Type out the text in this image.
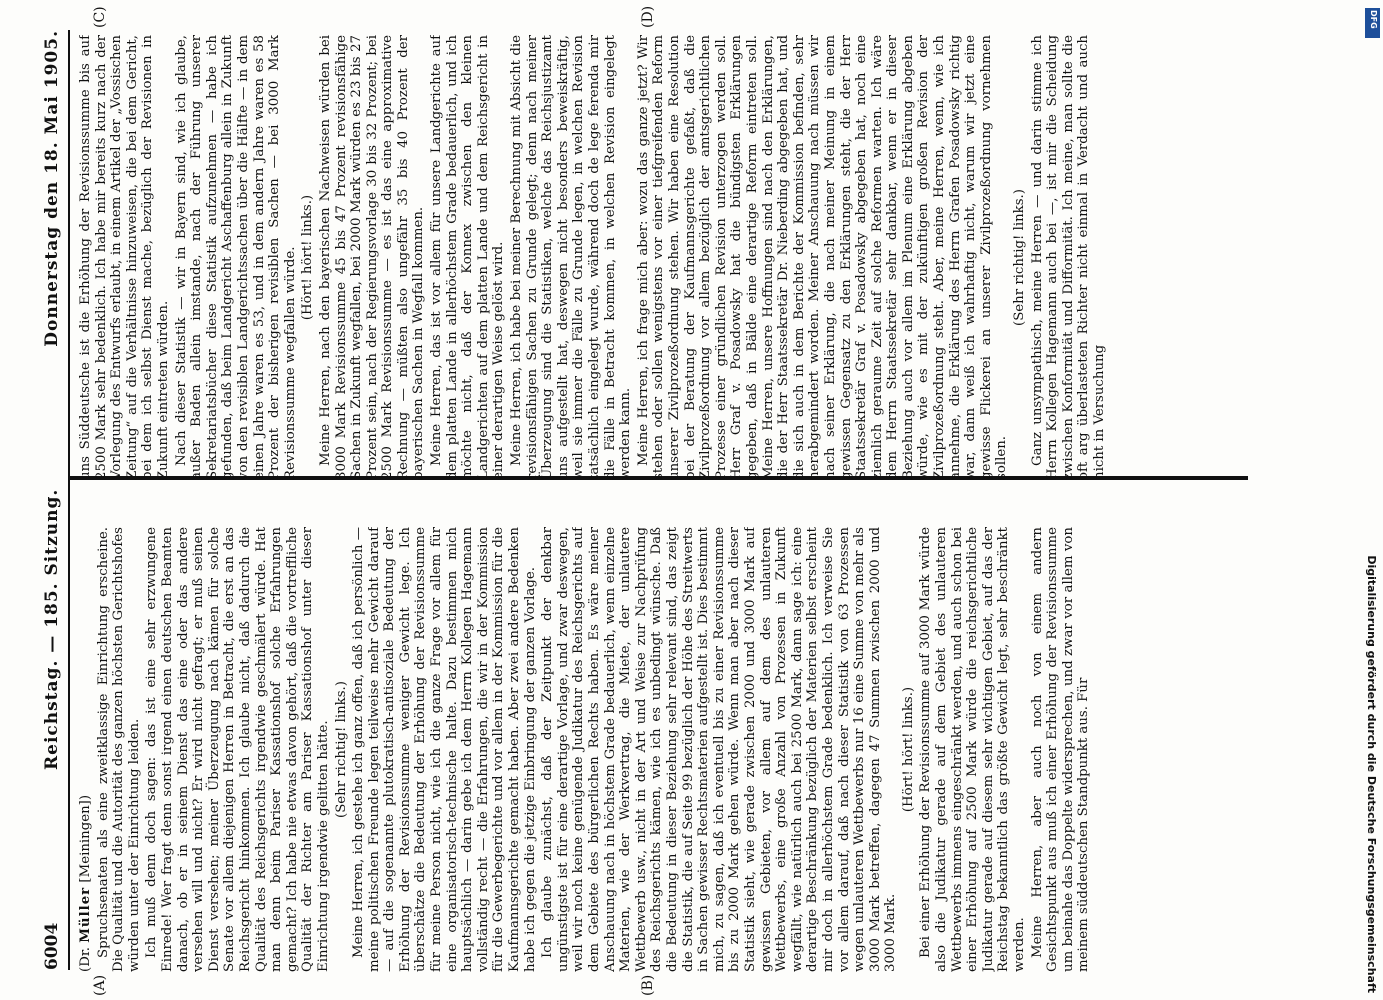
6004
Reichstag. — 185. Sitzung.
Donnerstag den 18. Mai 1905.
(A)	(B)
(C)	(D)

(Dr. Müller [Meiningen]) Spruchsenaten als eine zweitklassige Einrichtung erscheine. Die Qualität und die Autorität des ganzen höchsten Gerichtshofes würden unter der Einrichtung leiden. Ich muß denn doch sagen: das ist eine sehr erzwungene Einrede! Wer fragt denn sonst irgend einen deutschen Beamten danach, ob er in seinem Dienst das eine oder das andere versehen will und nicht? Er wird nicht gefragt; er muß seinen Dienst versehen; meiner Überzeugung nach kämen für solche Senate vor allem diejenigen Herren in Betracht, die erst an das Reichsgericht hinkommen. Ich glaube nicht, daß dadurch die Qualität des Reichsgerichts irgendwie geschmälert würde. Hat man denn beim Pariser Kassationshof solche Erfahrungen gemacht? Ich habe nie etwas davon gehört, daß die vortreffliche Qualität der Richter am Pariser Kassationshof unter dieser Einrichtung irgendwie gelitten hätte. (Sehr richtig! links.) Meine Herren, ich gestehe ich ganz offen, daß ich persönlich — meine politischen Freunde legen teilweise mehr Gewicht darauf — auf die sogenannte plutokratisch-antisoziale Bedeutung der Erhöhung der Revisionssumme weniger Gewicht lege. Ich überschätze die Bedeutung der Erhöhung der Revisionssumme für meine Person nicht, wie ich die ganze Frage vor allem für eine organisatorisch-technische halte. Dazu bestimmen mich hauptsächlich — darin gebe ich dem Herrn Kollegen Hagemann vollständig recht — die Erfahrungen, die wir in der Kommission für die Gewerbegerichte und vor allem in der Kommission für die Kaufmannsgerichte gemacht haben. Aber zwei andere Bedenken habe ich gegen die jetzige Einbringung der ganzen Vorlage. Ich glaube zunächst, daß der Zeitpunkt der denkbar ungünstigste ist für eine derartige Vorlage, und zwar deswegen, weil wir noch keine genügende Judikatur des Reichsgerichts auf dem Gebiete des bürgerlichen Rechts haben. Es wäre meiner Anschauung nach in höchstem Grade bedauerlich, wenn einzelne Materien, wie der Werkvertrag, die Miete, der unlautere Wettbewerb usw., nicht in der Art und Weise zur Nachprüfung des Reichsgerichts kämen, wie ich es unbedingt wünsche. Daß die Bedeutung in dieser Beziehung sehr relevant sind, das zeigt die Statistik, die auf Seite 99 bezüglich der Höhe des Streitwerts in Sachen gewisser Rechtsmaterien aufgestellt ist. Dies bestimmt mich, zu sagen, daß ich eventuell bis zu einer Revisionssumme bis zu 2000 Mark gehen würde. Wenn man aber nach dieser Statistik sieht, wie gerade zwischen 2000 und 3000 Mark auf gewissen Gebieten, vor allem auf dem des unlauteren Wettbewerbs, eine große Anzahl von Prozessen in Zukunft wegfällt, wie natürlich auch bei 2500 Mark, dann sage ich: eine derartige Beschränkung bezüglich der Materien selbst erscheint mir doch in allerhöchstem Grade bedenklich. Ich verweise Sie vor allem darauf, daß nach dieser Statistik von 63 Prozessen wegen unlauteren Wettbewerbs nur 16 eine Summe von mehr als 3000 Mark betreffen, dagegen 47 Summen zwischen 2000 und 3000 Mark.

(Hört! hört! links.) Bei einer Erhöhung der Revisionssumme auf 3000 Mark würde also die Judikatur gerade auf dem Gebiet des unlauteren Wettbewerbs immens eingeschränkt werden, und auch schon bei einer Erhöhung auf 2500 Mark würde die reichsgerichtliche Judikatur gerade auf diesem sehr wichtigen Gebiet, auf das der Reichstag bekanntlich das größte Gewicht legt, sehr beschränkt werden. Meine Herren, aber auch noch von einem andern Gesichtspunkt aus muß ich einer Erhöhung der Revisionssumme um beinahe das Doppelte widersprechen, und zwar vor allem von meinem süddeutschen Standpunkt aus. Für

uns Süddeutsche ist die Erhöhung der Revisionssumme bis auf 2500 Mark sehr bedenklich. Ich habe mir bereits kurz nach der Vorlegung des Entwurfs erlaubt, in einem Artikel der „Vossischen Zeitung“ auf die Verhältnisse hinzuweisen, die bei dem Gericht, bei dem ich selbst Dienst mache, bezüglich der Revisionen in Zukunft eintreten würden. Nach dieser Statistik — wir in Bayern sind, wie ich glaube, außer Baden allein imstande, nach der Führung unserer Sekretariatsbücher diese Statistik aufzunehmen — habe ich gefunden, daß beim Landgericht Aschaffenburg allein in Zukunft von den revisiblen Landgerichtssachen über die Hälfte — in dem einen Jahre waren es 53, und in dem andern Jahre waren es 58 Prozent der bisherigen revisiblen Sachen — bei 3000 Mark Revisionssumme wegfallen würde. (Hört! hört! links.) Meine Herren, nach den bayerischen Nachweisen würden bei 3000 Mark Revisionssumme 45 bis 47 Prozent revisionsfähige Sachen in Zukunft wegfallen, bei 2000 Mark würden es 23 bis 27 Prozent sein, nach der Regierungsvorlage 30 bis 32 Prozent; bei 2500 Mark Revisionssumme — es ist das eine approximative Rechnung — müßten also ungefähr 35 bis 40 Prozent der bayerischen Sachen in Wegfall kommen. Meine Herren, das ist vor allem für unsere Landgerichte auf dem platten Lande in allerhöchstem Grade bedauerlich, und ich möchte nicht, daß der Konnex zwischen den kleinen Landgerichten auf dem platten Lande und dem Reichsgericht in einer derartigen Weise gelöst wird. Meine Herren, ich habe bei meiner Berechnung mit Absicht die revisionsfähigen Sachen zu Grunde gelegt; denn nach meiner Überzeugung sind die Statistiken, welche das Reichsjustizamt uns aufgestellt hat, deswegen nicht besonders beweiskräftig, weil sie immer die Fälle zu Grunde legen, in welchen Revision tatsächlich eingelegt wurde, während doch de lege ferenda mir die Fälle in Betracht kommen, in welchen Revision eingelegt werden kann. Meine Herren, ich frage mich aber: wozu das ganze jetzt? Wir stehen oder sollen wenigstens vor einer tiefgreifenden Reform unserer Zivilprozeßordnung stehen. Wir haben eine Resolution bei der Beratung der Kaufmannsgerichte gefaßt, daß die Zivilprozeßordnung vor allem bezüglich der amtsgerichtlichen Prozesse einer gründlichen Revision unterzogen werden soll. Herr Graf v. Posadowsky hat die bündigsten Erklärungen gegeben, daß in Bälde eine derartige Reform eintreten soll. Meine Herren, unsere Hoffnungen sind nach den Erklärungen, die der Herr Staatssekretär Dr. Nieberding abgegeben hat, und die sich auch in dem Berichte der Kommission befinden, sehr herabgemindert worden. Meiner Anschauung nach müssen wir nach seiner Erklärung, die nach meiner Meinung in einem gewissen Gegensatz zu den Erklärungen steht, die der Herr Staatssekretär Graf v. Posadowsky abgegeben hat, noch eine ziemlich geraume Zeit auf solche Reformen warten. Ich wäre dem Herrn Staatssekretär sehr dankbar, wenn er in dieser Beziehung auch vor allem im Plenum eine Erklärung abgeben würde, wie es mit der zukünftigen großen Revision der Zivilprozeßordnung steht. Aber, meine Herren, wenn, wie ich annehme, die Erklärung des Herrn Grafen Posadowsky richtig war, dann weiß ich wahrhaftig nicht, warum wir jetzt eine gewisse Flickerei an unserer Zivilprozeßordnung vornehmen sollen.

(Sehr richtig! links.) Ganz unsympathisch, meine Herren — und darin stimme ich Herrn Kollegen Hagemann auch bei —, ist mir die Scheidung zwischen Konformität und Difformität. Ich meine, man sollte die oft arg überlasteten Richter nicht einmal in Verdacht und auch nicht in Versuchung

Digitalisierung gefördert durch die Deutsche Forschungsgemeinschaft
DFG
